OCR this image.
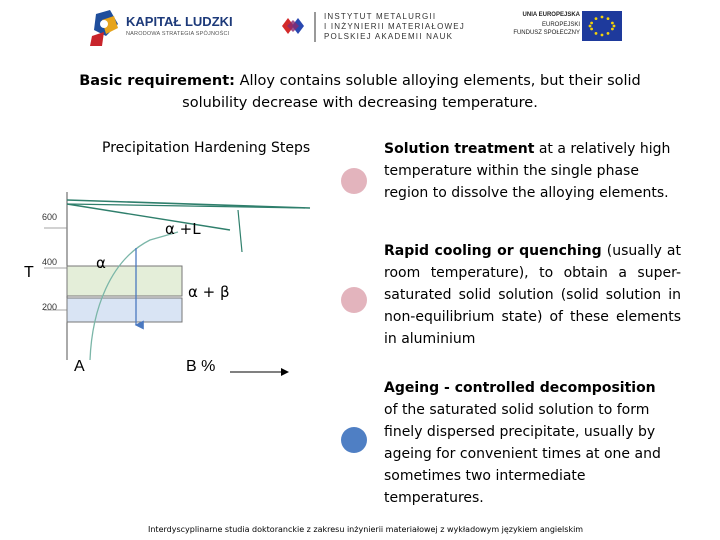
KAPITAŁ LUDZKI
NARODOWA STRATEGIA SPÓJNOŚCI
INSTYTUT METALURGII
I INŻYNIERII MATERIAŁOWEJ
POLSKIEJ AKADEMII NAUK
UNIA EUROPEJSKA
EUROPEJSKI
FUNDUSZ SPOŁECZNY
Basic requirement: Alloy contains soluble alloying elements, but their solid solubility decrease with decreasing temperature.
Precipitation Hardening Steps
T
600
400
200
α +L
α
α + β
A	B %
Solution treatment at a relatively high temperature within the single phase region to dissolve the alloying elements.
Rapid cooling or quenching (usually at room temperature), to obtain a super-saturated solid solution (solid solution in non-equilibrium state) of these elements in aluminium
Ageing - controlled decomposition of the saturated solid solution to form finely dispersed precipitate, usually by ageing for convenient times at one and sometimes two intermediate temperatures.
Interdyscyplinarne studia doktoranckie z zakresu inżynierii materiałowej z wykładowym językiem angielskim
